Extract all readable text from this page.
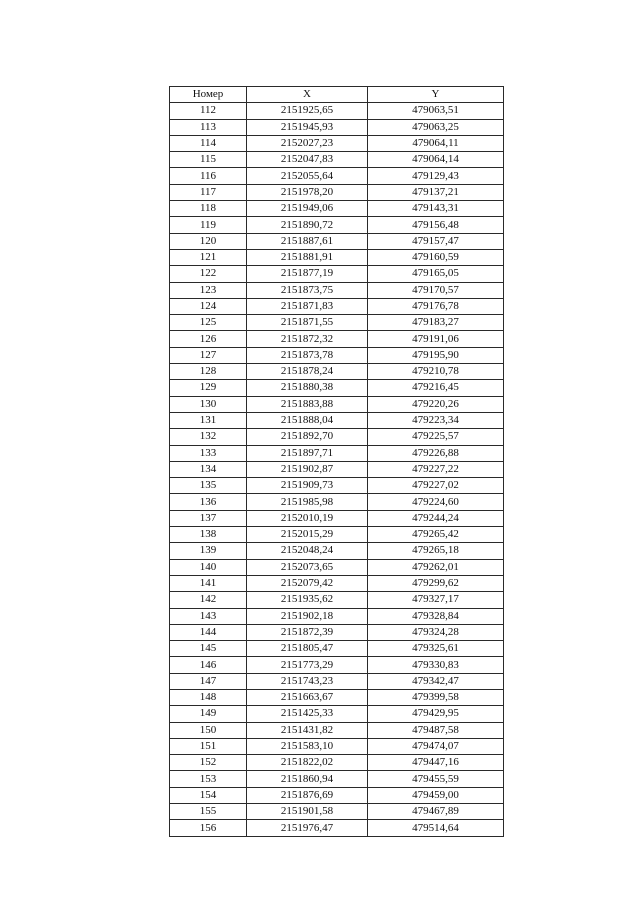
Номер	X	Y
112	2151925,65	479063,51
113	2151945,93	479063,25
114	2152027,23	479064,11
115	2152047,83	479064,14
116	2152055,64	479129,43
117	2151978,20	479137,21
118	2151949,06	479143,31
119	2151890,72	479156,48
120	2151887,61	479157,47
121	2151881,91	479160,59
122	2151877,19	479165,05
123	2151873,75	479170,57
124	2151871,83	479176,78
125	2151871,55	479183,27
126	2151872,32	479191,06
127	2151873,78	479195,90
128	2151878,24	479210,78
129	2151880,38	479216,45
130	2151883,88	479220,26
131	2151888,04	479223,34
132	2151892,70	479225,57
133	2151897,71	479226,88
134	2151902,87	479227,22
135	2151909,73	479227,02
136	2151985,98	479224,60
137	2152010,19	479244,24
138	2152015,29	479265,42
139	2152048,24	479265,18
140	2152073,65	479262,01
141	2152079,42	479299,62
142	2151935,62	479327,17
143	2151902,18	479328,84
144	2151872,39	479324,28
145	2151805,47	479325,61
146	2151773,29	479330,83
147	2151743,23	479342,47
148	2151663,67	479399,58
149	2151425,33	479429,95
150	2151431,82	479487,58
151	2151583,10	479474,07
152	2151822,02	479447,16
153	2151860,94	479455,59
154	2151876,69	479459,00
155	2151901,58	479467,89
156	2151976,47	479514,64
